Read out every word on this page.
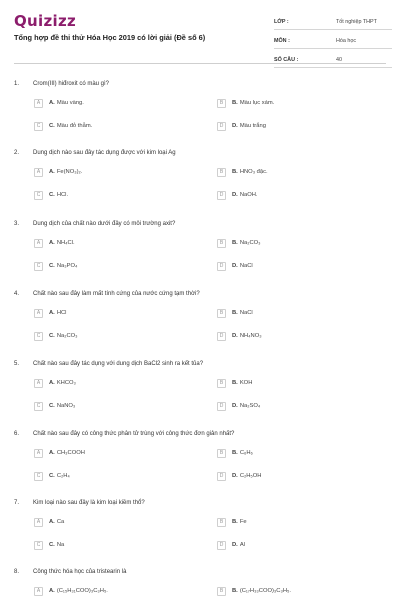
Quizizz
Tổng hợp đề thi thử Hóa Học 2019 có lời giải (Đề số 6)
LỚP :	Tốt nghiệp THPT
MÔN :	Hóa học
SỐ CÂU :	40
1.	Crom(III) hiđroxit có màu gì?
A	A. Màu vàng.	B	B. Màu lục xám.
C	C. Màu đỏ thẫm.	D	D. Màu trắng
2.	Dung dịch nào sau đây tác dụng được với kim loại Ag
A	A. Fe(NO₃)₂.	B	B. HNO₃ đặc.
C	C. HCl.	D	D. NaOH.
3.	Dung dịch của chất nào dưới đây có môi trường axit?
A	A. NH₄Cl.	B	B. Na₂CO₃
C	C. Na₃PO₄	D	D. NaCl
4.	Chất nào sau đây làm mất tính cứng của nước cứng tạm thời?
A	A. HCl	B	B. NaCl
C	C. Na₂CO₃	D	D. NH₄NO₃
5.	Chất nào sau đây tác dụng với dung dịch BaCl2 sinh ra kết tủa?
A	A. KHCO₃	B	B. KOH
C	C. NaNO₃	D	D. Na₂SO₄
6.	Chất nào sau đây có công thức phân tử trùng với công thức đơn giản nhất?
A	A. CH₃COOH	B	B. C₆H₆
C	C. C₂H₄	D	D. C₂H₅OH
7.	Kim loại nào sau đây là kim loại kiềm thổ?
A	A. Ca	B	B. Fe
C	C. Na	D	D. Al
8.	Công thức hóa học của tristearin là
A	A. (C₁₅H₃₁COO)₃C₃H₅.	B	B. (C₁₇H₃₃COO)₃C₃H₅.
